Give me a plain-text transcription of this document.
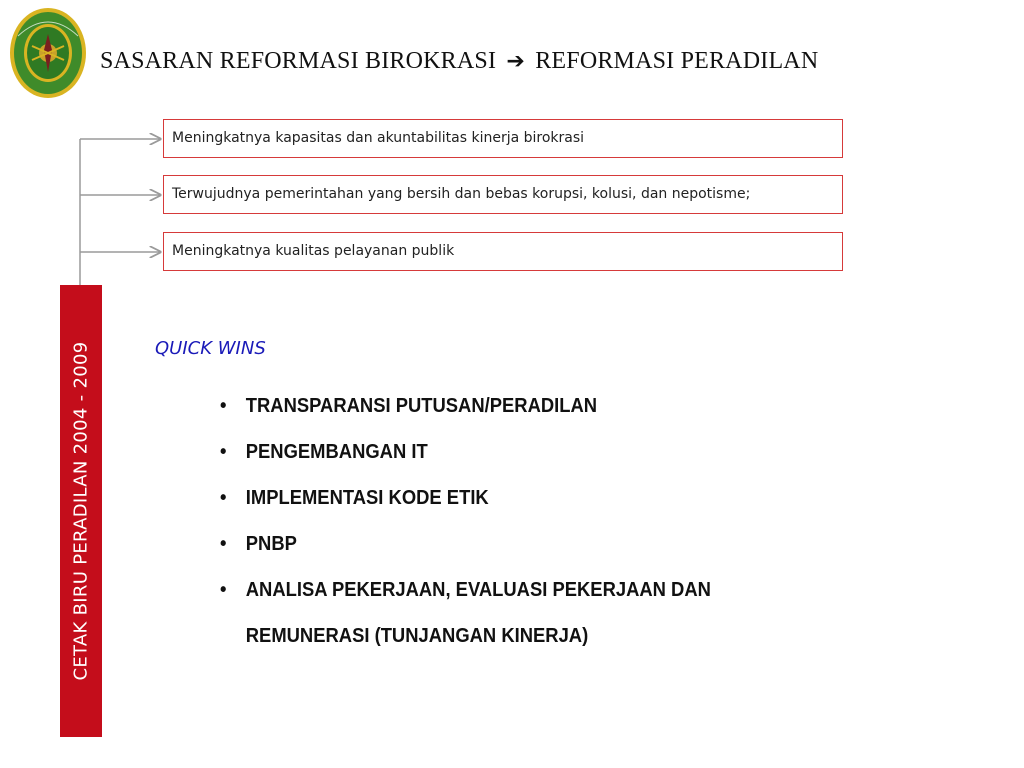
SASARAN REFORMASI BIROKRASI ➔ REFORMASI PERADILAN
Meningkatnya kapasitas dan akuntabilitas kinerja birokrasi
Terwujudnya pemerintahan yang bersih dan bebas korupsi, kolusi, dan nepotisme;
Meningkatnya kualitas pelayanan publik
CETAK BIRU PERADILAN 2004 - 2009	QUICK WINS
• TRANSPARANSI PUTUSAN/PERADILAN
• PENGEMBANGAN IT
• IMPLEMENTASI KODE ETIK
• PNBP
• ANALISA PEKERJAAN, EVALUASI PEKERJAAN DAN
REMUNERASI (TUNJANGAN KINERJA)
